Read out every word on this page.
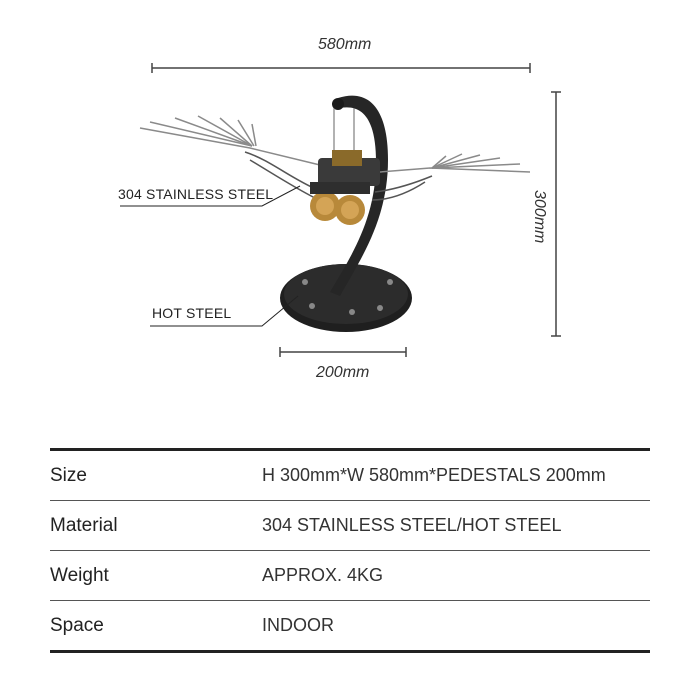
580mm
300mm
200mm
304 STAINLESS STEEL
HOT STEEL
Size	H 300mm*W 580mm*PEDESTALS 200mm
Material	304 STAINLESS STEEL/HOT STEEL
Weight	APPROX. 4KG
Space	INDOOR
